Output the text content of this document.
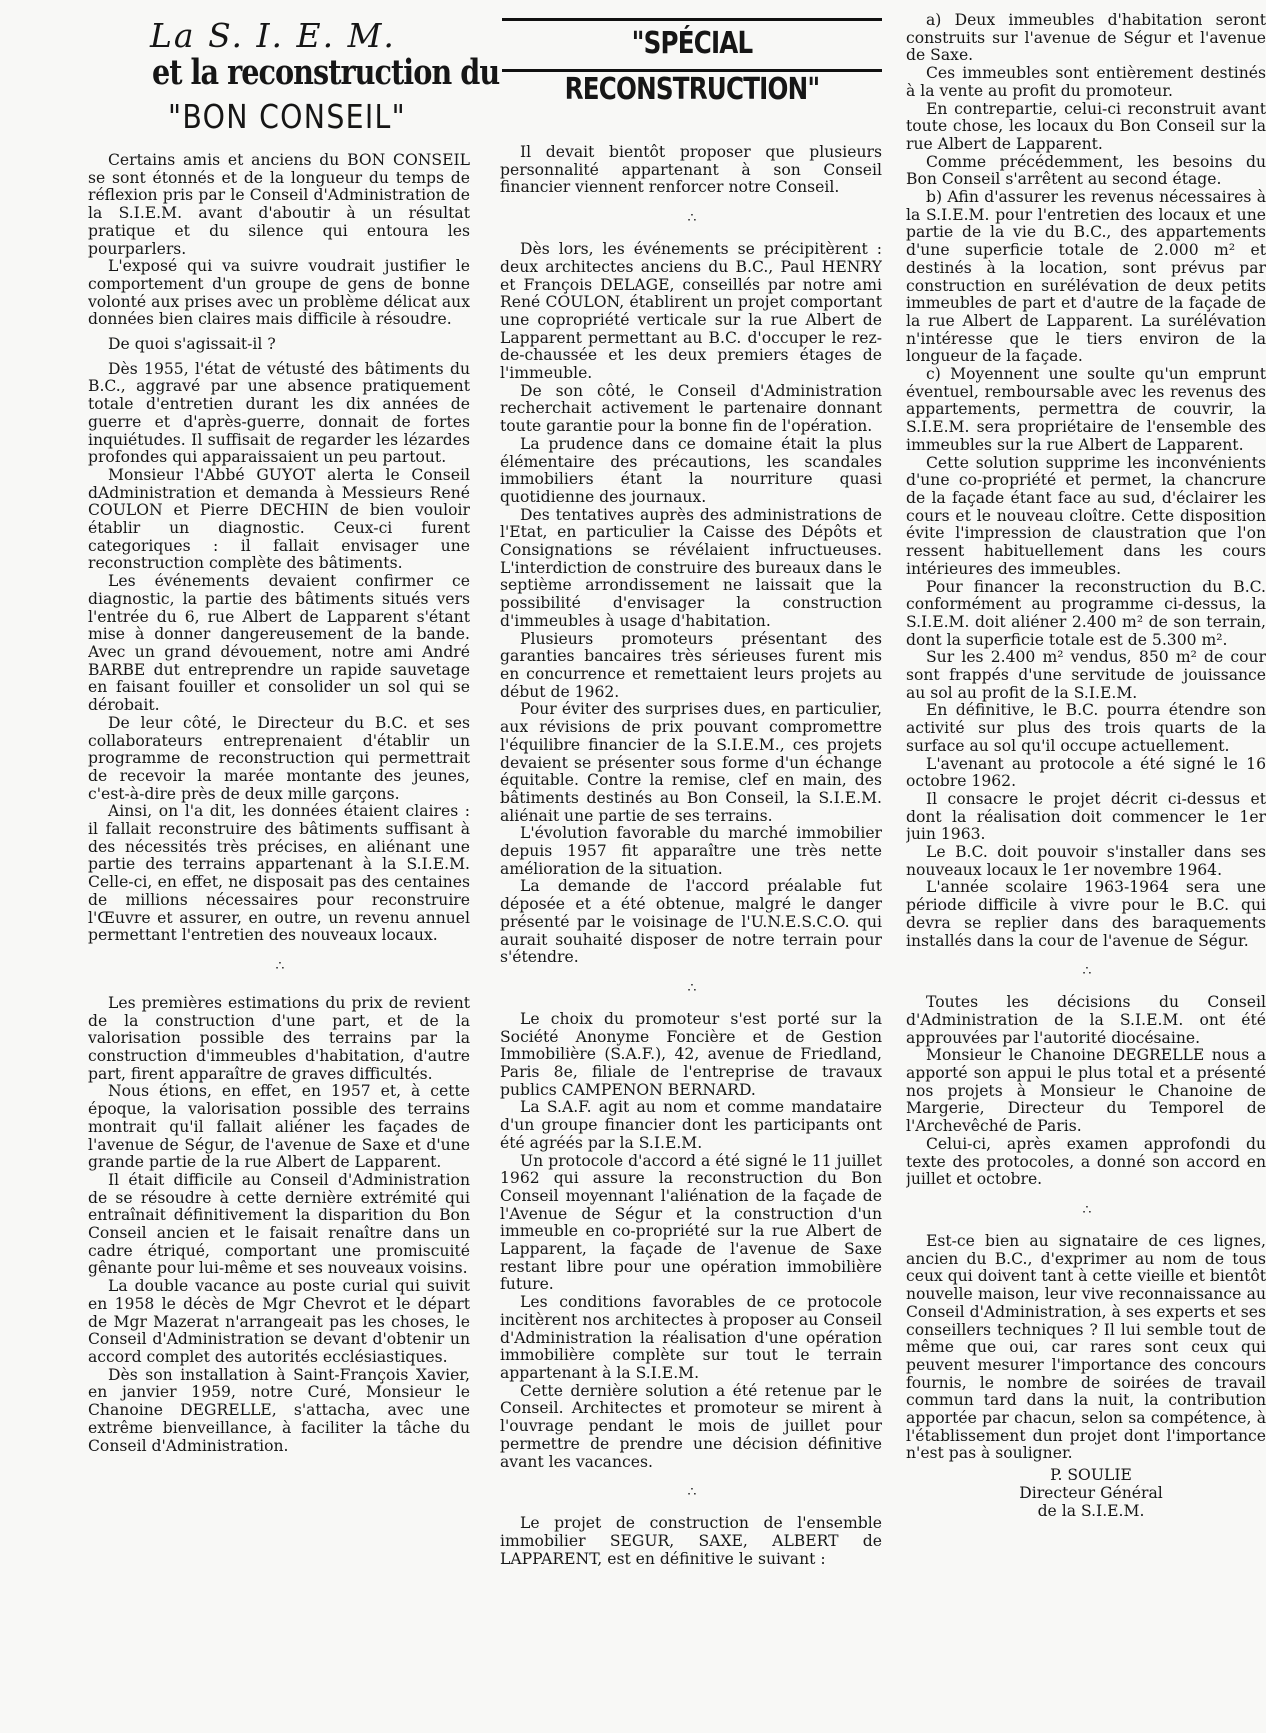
La S. I. E. M.
et la reconstruction du
"BON CONSEIL"
"SPÉCIAL RECONSTRUCTION"

Certains amis et anciens du BON CONSEIL se sont étonnés et de la longueur du temps de réflexion pris par le Conseil d'Administration de la S.I.E.M. avant d'aboutir à un résultat pratique et du silence qui entoura les pourparlers.

L'exposé qui va suivre voudrait justifier le comportement d'un groupe de gens de bonne volonté aux prises avec un problème délicat aux données bien claires mais difficile à résoudre.

De quoi s'agissait-il ?

Dès 1955, l'état de vétusté des bâtiments du B.C., aggravé par une absence pratiquement totale d'entretien durant les dix années de guerre et d'après-guerre, donnait de fortes inquiétudes. Il suffisait de regarder les lézardes profondes qui apparaissaient un peu partout.

Monsieur l'Abbé GUYOT alerta le Conseil dAdministration et demanda à Messieurs René COULON et Pierre DECHIN de bien vouloir établir un diagnostic. Ceux-ci furent categoriques : il fallait envisager une reconstruction complète des bâtiments.

Les événements devaient confirmer ce diagnostic, la partie des bâtiments situés vers l'entrée du 6, rue Albert de Lapparent s'étant mise à donner dangereusement de la bande. Avec un grand dévouement, notre ami André BARBE dut entreprendre un rapide sauvetage en faisant fouiller et consolider un sol qui se dérobait.

De leur côté, le Directeur du B.C. et ses collaborateurs entreprenaient d'établir un programme de reconstruction qui permettrait de recevoir la marée montante des jeunes, c'est-à-dire près de deux mille garçons.

Ainsi, on l'a dit, les données étaient claires : il fallait reconstruire des bâtiments suffisant à des nécessités très précises, en aliénant une partie des terrains appartenant à la S.I.E.M. Celle-ci, en effet, ne disposait pas des centaines de millions nécessaires pour reconstruire l'Œuvre et assurer, en outre, un revenu annuel permettant l'entretien des nouveaux locaux.

∴

Les premières estimations du prix de revient de la construction d'une part, et de la valorisation possible des terrains par la construction d'immeubles d'habitation, d'autre part, firent apparaître de graves difficultés.

Nous étions, en effet, en 1957 et, à cette époque, la valorisation possible des terrains montrait qu'il fallait aliéner les façades de l'avenue de Ségur, de l'avenue de Saxe et d'une grande partie de la rue Albert de Lapparent.

Il était difficile au Conseil d'Administration de se résoudre à cette dernière extrémité qui entraînait définitivement la disparition du Bon Conseil ancien et le faisait renaître dans un cadre étriqué, comportant une promiscuité gênante pour lui-même et ses nouveaux voisins.

La double vacance au poste curial qui suivit en 1958 le décès de Mgr Chevrot et le départ de Mgr Mazerat n'arrangeait pas les choses, le Conseil d'Administration se devant d'obtenir un accord complet des autorités ecclésiastiques.

Dès son installation à Saint-François Xavier, en janvier 1959, notre Curé, Monsieur le Chanoine DEGRELLE, s'attacha, avec une extrême bienveillance, à faciliter la tâche du Conseil d'Administration.

Il devait bientôt proposer que plusieurs personnalité appartenant à son Conseil financier viennent renforcer notre Conseil.

∴

Dès lors, les événements se précipitèrent : deux architectes anciens du B.C., Paul HENRY et François DELAGE, conseillés par notre ami René COULON, établirent un projet comportant une copropriété verticale sur la rue Albert de Lapparent permettant au B.C. d'occuper le rez-de-chaussée et les deux premiers étages de l'immeuble.

De son côté, le Conseil d'Administration recherchait activement le partenaire donnant toute garantie pour la bonne fin de l'opération.

La prudence dans ce domaine était la plus élémentaire des précautions, les scandales immobiliers étant la nourriture quasi quotidienne des journaux.

Des tentatives auprès des administrations de l'Etat, en particulier la Caisse des Dépôts et Consignations se révélaient infructueuses. L'interdiction de construire des bureaux dans le septième arrondissement ne laissait que la possibilité d'envisager la construction d'immeubles à usage d'habitation.

Plusieurs promoteurs présentant des garanties bancaires très sérieuses furent mis en concurrence et remettaient leurs projets au début de 1962.

Pour éviter des surprises dues, en particulier, aux révisions de prix pouvant compromettre l'équilibre financier de la S.I.E.M., ces projets devaient se présenter sous forme d'un échange équitable. Contre la remise, clef en main, des bâtiments destinés au Bon Conseil, la S.I.E.M. aliénait une partie de ses terrains.

L'évolution favorable du marché immobilier depuis 1957 fit apparaître une très nette amélioration de la situation.

La demande de l'accord préalable fut déposée et a été obtenue, malgré le danger présenté par le voisinage de l'U.N.E.S.C.O. qui aurait souhaité disposer de notre terrain pour s'étendre.

∴

Le choix du promoteur s'est porté sur la Société Anonyme Foncière et de Gestion Immobilière (S.A.F.), 42, avenue de Friedland, Paris 8e, filiale de l'entreprise de travaux publics CAMPENON BERNARD.

La S.A.F. agit au nom et comme mandataire d'un groupe financier dont les participants ont été agréés par la S.I.E.M.

Un protocole d'accord a été signé le 11 juillet 1962 qui assure la reconstruction du Bon Conseil moyennant l'aliénation de la façade de l'Avenue de Ségur et la construction d'un immeuble en co-propriété sur la rue Albert de Lapparent, la façade de l'avenue de Saxe restant libre pour une opération immobilière future.

Les conditions favorables de ce protocole incitèrent nos architectes à proposer au Conseil d'Administration la réalisation d'une opération immobilière complète sur tout le terrain appartenant à la S.I.E.M.

Cette dernière solution a été retenue par le Conseil. Architectes et promoteur se mirent à l'ouvrage pendant le mois de juillet pour permettre de prendre une décision définitive avant les vacances.

∴

Le projet de construction de l'ensemble immobilier SEGUR, SAXE, ALBERT de LAPPARENT, est en définitive le suivant :

a) Deux immeubles d'habitation seront construits sur l'avenue de Ségur et l'avenue de Saxe.

Ces immeubles sont entièrement destinés à la vente au profit du promoteur.

En contrepartie, celui-ci reconstruit avant toute chose, les locaux du Bon Conseil sur la rue Albert de Lapparent.

Comme précédemment, les besoins du Bon Conseil s'arrêtent au second étage.

b) Afin d'assurer les revenus nécessaires à la S.I.E.M. pour l'entretien des locaux et une partie de la vie du B.C., des appartements d'une superficie totale de 2.000 m² et destinés à la location, sont prévus par construction en surélévation de deux petits immeubles de part et d'autre de la façade de la rue Albert de Lapparent. La surélévation n'intéresse que le tiers environ de la longueur de la façade.

c) Moyennent une soulte qu'un emprunt éventuel, remboursable avec les revenus des appartements, permettra de couvrir, la S.I.E.M. sera propriétaire de l'ensemble des immeubles sur la rue Albert de Lapparent.

Cette solution supprime les inconvénients d'une co-propriété et permet, la chancrure de la façade étant face au sud, d'éclairer les cours et le nouveau cloître. Cette disposition évite l'impression de claustration que l'on ressent habituellement dans les cours intérieures des immeubles.

Pour financer la reconstruction du B.C. conformément au programme ci-dessus, la S.I.E.M. doit aliéner 2.400 m² de son terrain, dont la superficie totale est de 5.300 m².

Sur les 2.400 m² vendus, 850 m² de cour sont frappés d'une servitude de jouissance au sol au profit de la S.I.E.M.

En définitive, le B.C. pourra étendre son activité sur plus des trois quarts de la surface au sol qu'il occupe actuellement.

L'avenant au protocole a été signé le 16 octobre 1962.

Il consacre le projet décrit ci-dessus et dont la réalisation doit commencer le 1er juin 1963.

Le B.C. doit pouvoir s'installer dans ses nouveaux locaux le 1er novembre 1964.

L'année scolaire 1963-1964 sera une période difficile à vivre pour le B.C. qui devra se replier dans des baraquements installés dans la cour de l'avenue de Ségur.

∴

Toutes les décisions du Conseil d'Administration de la S.I.E.M. ont été approuvées par l'autorité diocésaine.

Monsieur le Chanoine DEGRELLE nous a apporté son appui le plus total et a présenté nos projets à Monsieur le Chanoine de Margerie, Directeur du Temporel de l'Archevêché de Paris.

Celui-ci, après examen approfondi du texte des protocoles, a donné son accord en juillet et octobre.

∴

Est-ce bien au signataire de ces lignes, ancien du B.C., d'exprimer au nom de tous ceux qui doivent tant à cette vieille et bientôt nouvelle maison, leur vive reconnaissance au Conseil d'Administration, à ses experts et ses conseillers techniques ? Il lui semble tout de même que oui, car rares sont ceux qui peuvent mesurer l'importance des concours fournis, le nombre de soirées de travail commun tard dans la nuit, la contribution apportée par chacun, selon sa compétence, à l'établissement dun projet dont l'importance n'est pas à souligner.

P. SOULIE
Directeur Général
de la S.I.E.M.
